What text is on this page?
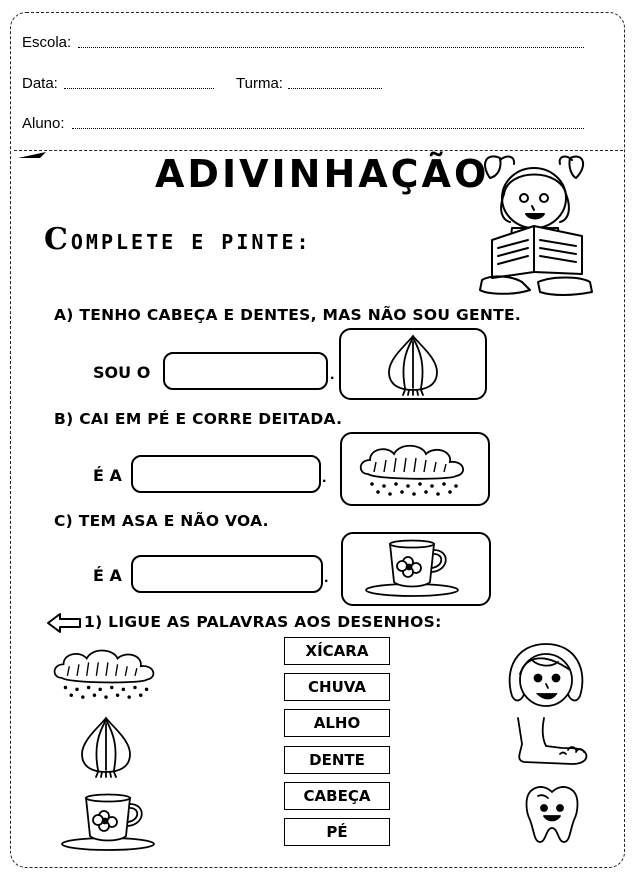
Escola:
Data:	Turma:
Aluno:
ADIVINHAÇÃO
COMPLETE E PINTE:
A) TENHO CABEÇA E DENTES, MAS NÃO SOU GENTE.
SOU O	.
B) CAI EM PÉ E CORRE DEITADA.
É A	.
C) TEM ASA E NÃO VOA.
É A	.
1) LIGUE AS PALAVRAS AOS DESENHOS:
XÍCARA
CHUVA
ALHO
DENTE
CABEÇA
PÉ
